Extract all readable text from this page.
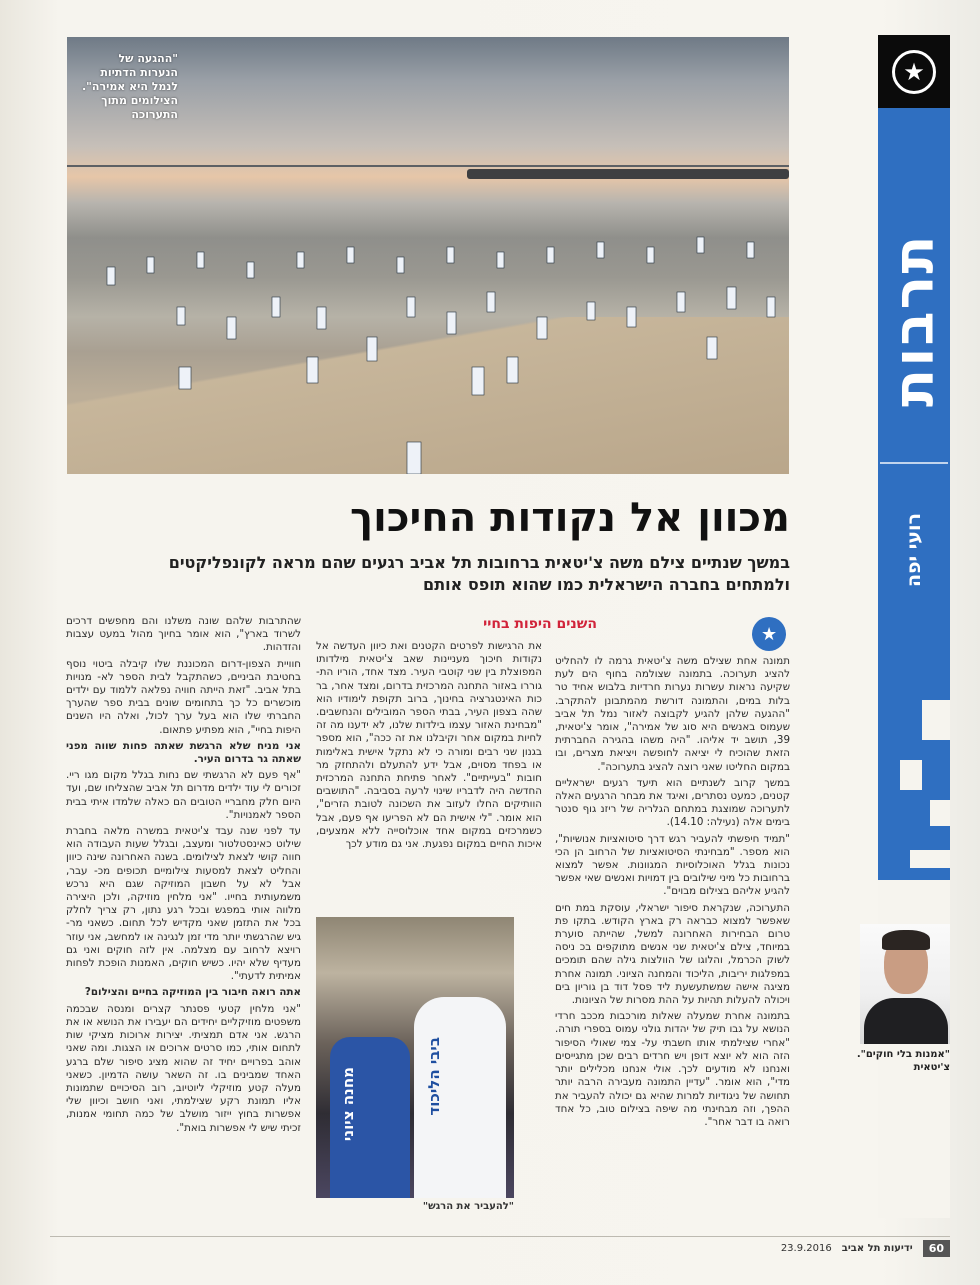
★
תרבות
רועי יפה
"ההגעה של הנערות הדתיות לנמל היא אמירה". הצילומים מתוך התערוכה
מכוון אל נקודות החיכוך
במשך שנתיים צילם משה צ'יטאית ברחובות תל אביב רגעים שהם מראה לקונפליקטים ולמתחים בחברה הישראלית כמו שהוא תופס אותם
★

תמונה אחת שצילם משה צ'יטאית גרמה לו להחליט להציג תערוכה. בתמונה שצולמה בחוף הים לעת שקיעה נראות עשרות נערות חרדיות בלבוש אחיד טר בלות במים, והתמונה דורשת מהמתבונן להתקרב. "ההגעה שלהן להגיע לקבוצה לאזור נמל תל אביב שעמוס באנשים היא סוג של אמירה", אומר צ'יטאית, 39, תושב יד אליהו. "היה משהו בהגירה החברתית הזאת שהוכיח לי יציאה לחופשה ויציאת מצרים, ובו במקום החליטו שאני רוצה להציג בתערוכה".

במשך קרוב לשנתיים הוא תיעד רגעים ישראליים קטנים, כמעט נסתרים, ואיגד את מבחר הרגעים האלה לתערוכה שמוצגת במתחם הגלריה של ריזנ גוף סנטר בימים אלה (נעילה: 14.10).

"תמיד חיפשתי להעביר רגש דרך סיטואציות אנושיות", הוא מספר. "מבחינתי הסיטואציות של הרחוב הן הכי נכונות בגלל האוכלוסיות המגוונות. אפשר למצוא ברחובות כל מיני שילובים בין דמויות ואנשים שאי אפשר להגיע אליהם בצילום מבוים".

התערוכה, שנקראת סיפור ישראלי, עוסקת במת חים שאפשר למצוא כבראה רק בארץ הקודש. בתקו פת טרום הבחירות האחרונה למשל, שהייתה סוערת במיוחד, צילם צ'יטאית שני אנשים מתוקפים בכ ניסה לשוק הכרמל, והלוגו של הוולצות גילה שהם תומכים במפלגות יריבות, הליכוד והמחנה הציוני. תמונה אחרת מציגה אישה שמשתעשעת ליד פסל דוד בן גוריון בים ויכולה להעלות תהיות על ההת מסרות של הציונות.

בתמונה אחרת שמעלה שאלות מורכבות מככב חרדי הנושא על גבו תיק של יהדות גולני עמוס בספרי תורה. "אחרי שצילמתי אותו חשבתי על- צמי שאולי הסיפור הזה הוא לא יוצא דופן ויש חרדים רבים שכן מתגייסים ואנחנו לא מודעים לכך. אולי אנחנו מכלילים יותר מדי", הוא אומר. "עדיין התמונה מעבירה הרבה יותר תחושה של ניגודיות למרות שהיא גם יכולה להעביר את ההפך, וזה מבחינתי מה שיפה בצילום טוב, כל אחד רואה בו דבר אחר".

השנים היפות בחיי

את הרגישות לפרטים הקטנים ואת כיוון העדשה אל נקודות חיכוך מעניינות שאב צ'יטאית מילדותו המפוצלת בין שני קוטבי העיר. מצד אחד, הוריו הת- גוררו באזור התחנה המרכזית בדרום, ומצד אחר, בר כות האינטגרציה בחינוך, ברוב תקופת לימודיו הוא שהה בצפון העיר, בבתי הספר המובילים והנחשבים. "מבחינת האזור עצמו בילדות שלנו, לא ידענו מה זה לחיות במקום אחר וקיבלנו את זה ככה", הוא מספר בגנון שני רבים ומורה כי לא נתקל אישית באלימות או בפחד מסוים, אבל ידע להתעלם ולהתחזק מר חובות "בעייתיים". לאחר פתיחת התחנה המרכזית החדשה היה לדבריו שינוי לרעה בסביבה. "התושבים הוותיקים החלו לעזוב את השכונה לטובת הזרים", הוא אומר. "לי אישית הם לא הפריעו אף פעם, אבל כשמרכזים במקום אחד אוכלוסייה ללא אמצעים, איכות החיים במקום נפגעת. אני גם מודע לכך

שהתרבות שלהם שונה משלנו והם מחפשים דרכים לשרוד בארץ", הוא אומר בחיוך מהול במעט עצבות והזדהות.

חוויית הצפון-דרום המכוננת שלו קיבלה ביטוי נוסף בחטיבת הביניים, כשהתקבל לבית הספר לא- מנויות בתל אביב. "זאת הייתה חוויה נפלאה ללמוד עם ילדים מוכשרים כל כך בתחומים שונים בבית ספר שהערך החברתי שלו הוא בעל ערך לכול, ואלה היו השנים היפות בחיי", הוא מפתיע פתאום.

אני מניח שלא הרגשת שאתה פחות שווה מפני שאתה גר בדרום העיר.

"אף פעם לא הרגשתי שם נחות בגלל מקום מגו ריי. זכורים לי עוד ילדים מדרום תל אביב שהצליחו שם, ועד היום חלק מחבריי הטובים הם כאלה שלמדו איתי בבית הספר לאמנויות".

עד לפני שנה עבד צ'יטאית במשרה מלאה בחברת שילוט כאינסטלטור ומעצב, ובגלל שעות העבודה הוא חווה קושי לצאת לצילומים. בשנה האחרונה שינה כיוון והחליט לצאת למסעות צילומיים תכופים מכ- עבר, אבל לא על חשבון המוזיקה שגם היא נרכש משמעותית בחייו. "אני מלחין מוזיקה, ולכן היצירה מלווה אותי במפגש ובכל רגע נתון, רק צריך לחלק בכל את התזמן שאני מקדיש לכל תחום. כשאני מר- גיש שהרגשתי יותר מדי זמן לנגינה או למחשב, אני עוזר רויצא לרחוב עם מצלמה. אין לזה חוקים ואני גם מעדיף שלא יהיו. כשיש חוקים, האמנות הופכת לפחות אמיתית לדעתי".

אתה רואה חיבור בין המוזיקה בחיים והצילום?

"אני מלחין קטעי פסנתר קצרים ומנסה שבכמה משפטים מוזיקליים יחידים הם יעבירו את הנושא או את הרגש. אני אדם תמציתי. יצירות ארוכות מציקי שות לתחום אותי, כמו סרטים ארוכים או הצגות. ומה שאני אוהב בפרויים יחיד זה שהוא מציג סיפור שלם ברגע האחד שמבינים בו. זה השאר עושה הדמיון. כשאני מעלה קטע מוזיקלי ליוטיוב, רוב הסיכויים שתמונות אליו תמונת רקע שצילמתי, ואני חושב וכיוון שלי אפשרות בחוץ ייזור מושלב של כמה תחומי אמנות, זכיתי שיש לי אפשרות בואת".	מחנה ציוני	ביבי הליכוד
"להעביר את הרגש"
"אמנות בלי חוקים". צ'יטאית
23.9.2016 ידיעות תל אביב	60
